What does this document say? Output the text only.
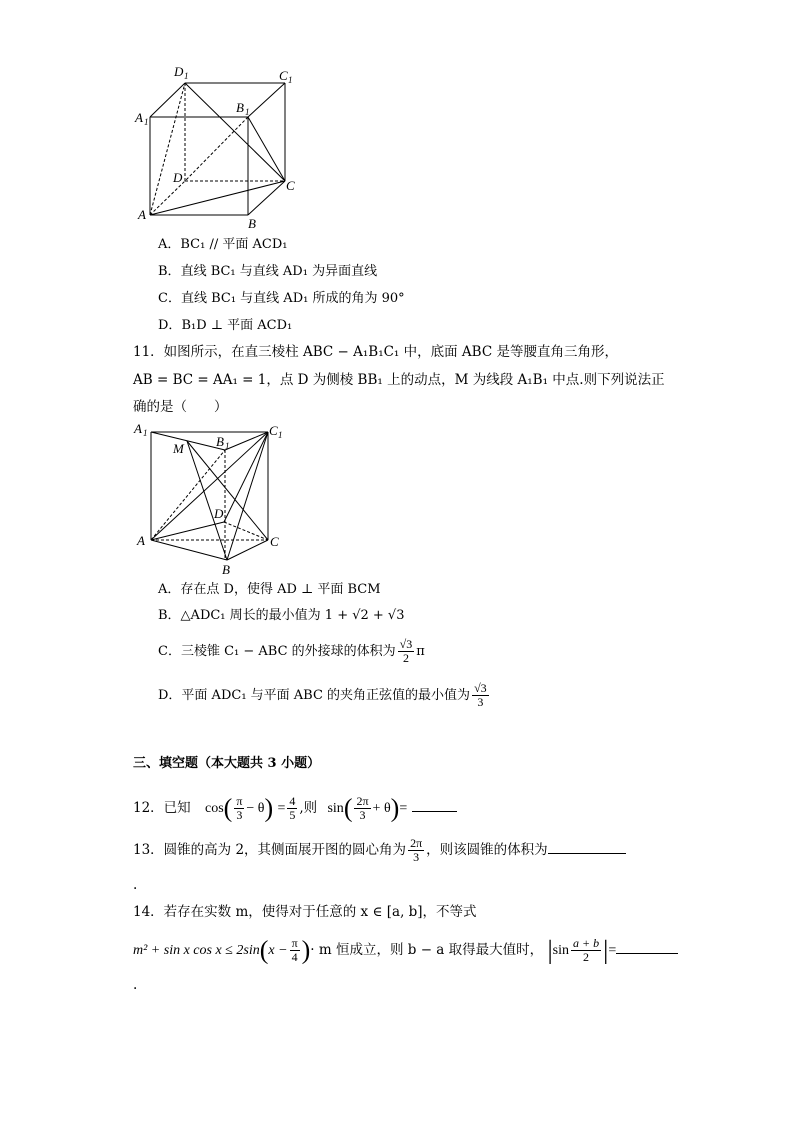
D 1	C 1
A 1
B 1
D
C
A
B
A．BC₁ // 平面 ACD₁
B．直线 BC₁ 与直线 AD₁ 为异面直线
C．直线 BC₁ 与直线 AD₁ 所成的角为 90°
D．B₁D ⊥ 平面 ACD₁
11．如图所示，在直三棱柱 ABC − A₁B₁C₁ 中，底面 ABC 是等腰直角三角形，
AB = BC = AA₁ = 1，点 D 为侧棱 BB₁ 上的动点，M 为线段 A₁B₁ 中点.则下列说法正
确的是（　　）
A 1
B 1
C 1
M
D
A	C
B
A．存在点 D，使得 AD ⊥ 平面 BCM
B．△ADC₁ 周长的最小值为 1 + √2 + √3
C．三棱锥 C₁ − ABC 的外接球的体积为 $\frac{√3}{2}$ π
D．平面 ADC₁ 与平面 ABC 的夹角正弦值的最小值为 $\frac{√3}{3}$
三、填空题（本大题共 3 小题）
12．已知 $\cos( \frac{\pi}{3} - \theta) = \frac{4}{5}$ ,则 $\sin( \frac{2\pi}{3} + \theta)=$
13．圆锥的高为 2，其侧面展开图的圆心角为 $\frac{2\pi}{3}$ ，则该圆锥的体积为
.
14．若存在实数 m，使得对于任意的 x ∈ [a, b]，不等式
m² + sin x $\cos x \le 2\sin(x - \frac{\pi}{4}$ )· m 恒成立，则 b − a 取得最大值时， $|\sin \frac{a + b}{2}$ |=
.
